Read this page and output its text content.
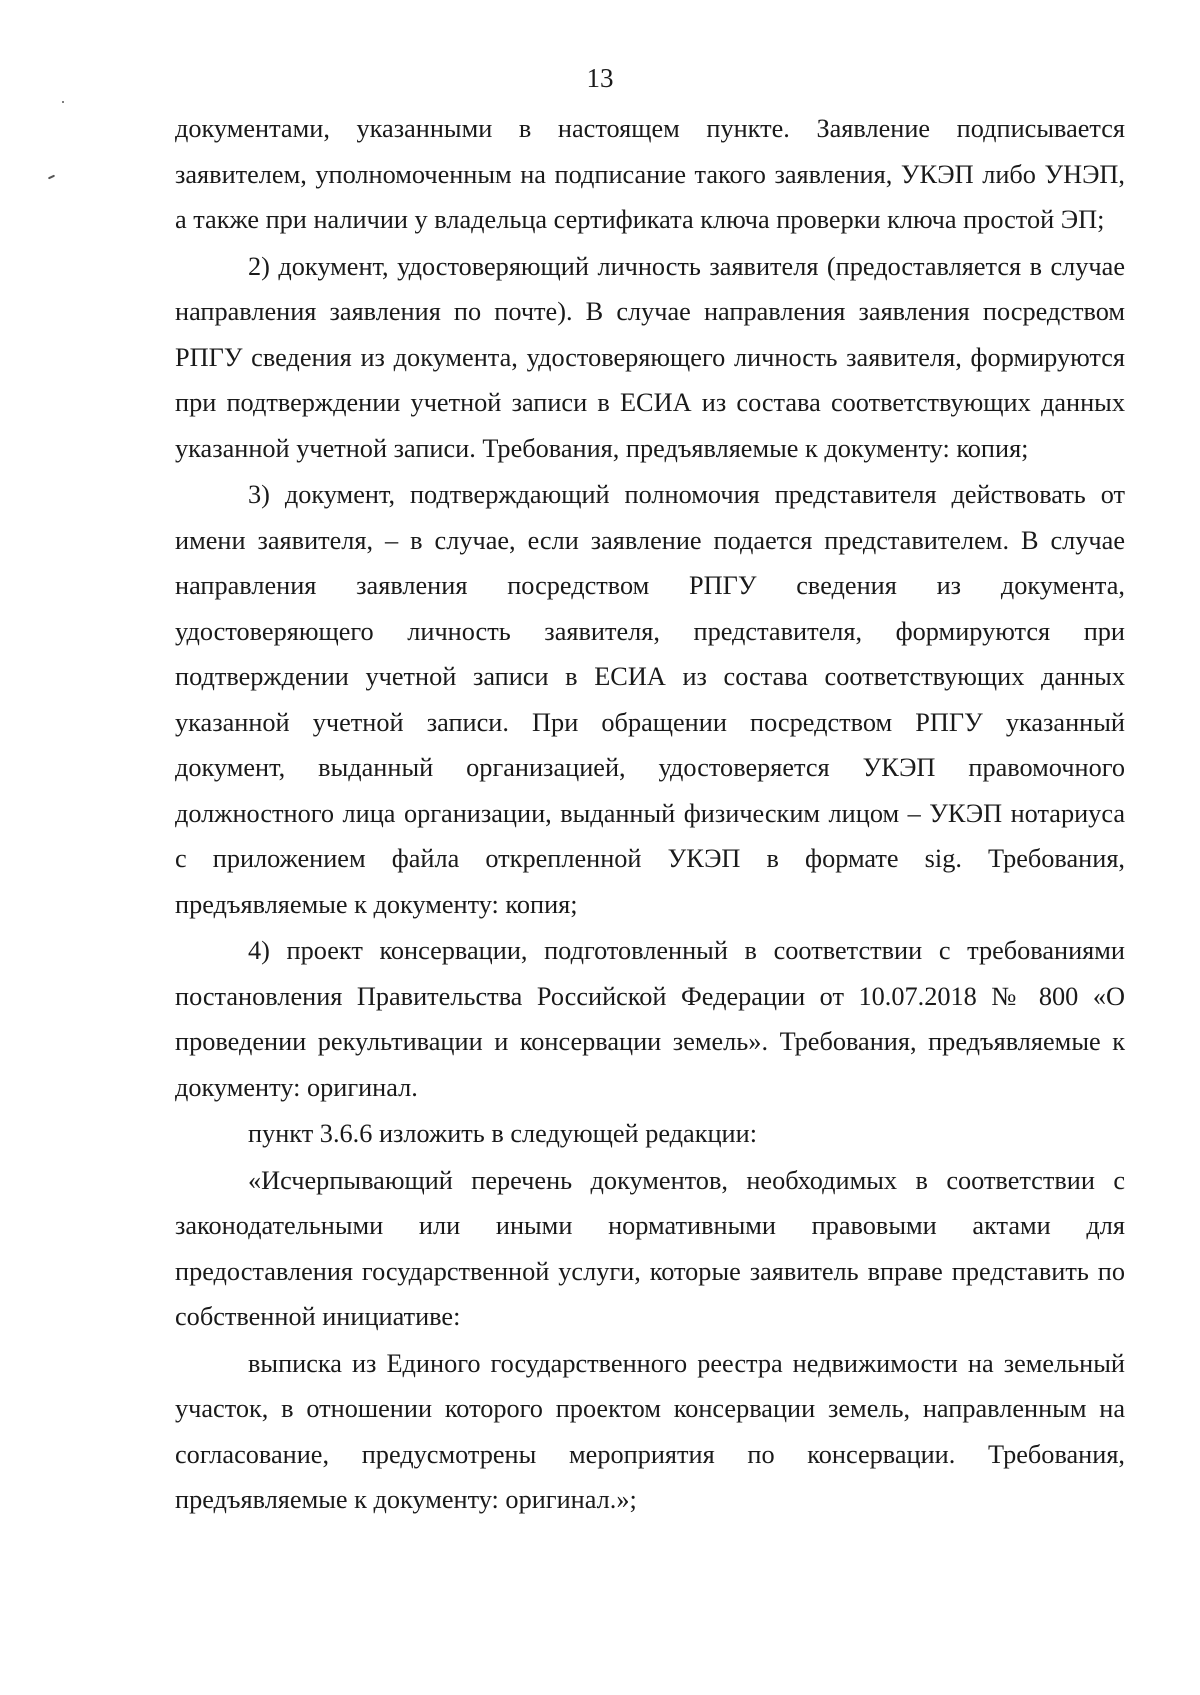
13

документами, указанными в настоящем пункте. Заявление подписывается заявителем, уполномоченным на подписание такого заявления, УКЭП либо УНЭП, а также при наличии у владельца сертификата ключа проверки ключа простой ЭП;

2) документ, удостоверяющий личность заявителя (предоставляется в случае направления заявления по почте). В случае направления заявления посредством РПГУ сведения из документа, удостоверяющего личность заявителя, формируются при подтверждении учетной записи в ЕСИА из состава соответствующих данных указанной учетной записи. Требования, предъявляемые к документу: копия;

3) документ, подтверждающий полномочия представителя действовать от имени заявителя, – в случае, если заявление подается представителем. В случае направления заявления посредством РПГУ сведения из документа, удостоверяющего личность заявителя, представителя, формируются при подтверждении учетной записи в ЕСИА из состава соответствующих данных указанной учетной записи. При обращении посредством РПГУ указанный документ, выданный организацией, удостоверяется УКЭП правомочного должностного лица организации, выданный физическим лицом – УКЭП нотариуса с приложением файла открепленной УКЭП в формате sig. Требования, предъявляемые к документу: копия;

4) проект консервации, подготовленный в соответствии с требованиями постановления Правительства Российской Федерации от 10.07.2018 № 800 «О проведении рекультивации и консервации земель». Требования, предъявляемые к документу: оригинал.

пункт 3.6.6 изложить в следующей редакции:

«Исчерпывающий перечень документов, необходимых в соответствии с законодательными или иными нормативными правовыми актами для предоставления государственной услуги, которые заявитель вправе представить по собственной инициативе:

выписка из Единого государственного реестра недвижимости на земельный участок, в отношении которого проектом консервации земель, направленным на согласование, предусмотрены мероприятия по консервации. Требования, предъявляемые к документу: оригинал.»;
